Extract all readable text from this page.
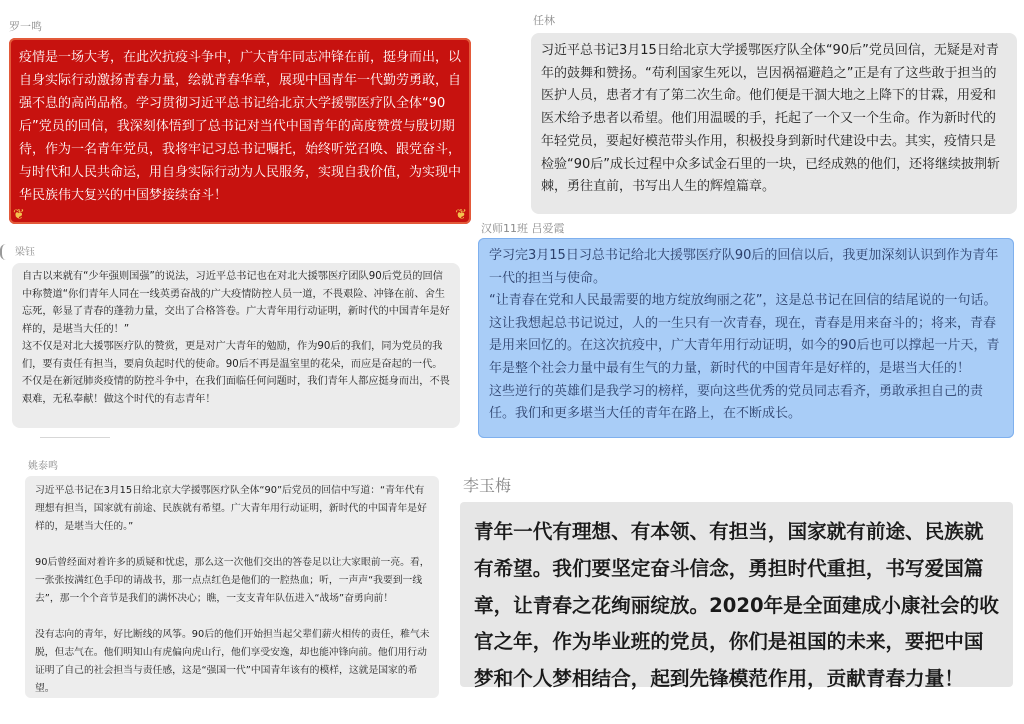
罗一鸣

疫情是一场大考，在此次抗疫斗争中，广大青年同志冲锋在前，挺身而出，以自身实际行动激扬青春力量，绘就青春华章，展现中国青年一代勤劳勇敢，自强不息的高尚品格。学习贯彻习近平总书记给北京大学援鄂医疗队全体“90后”党员的回信，我深刻体悟到了总书记对当代中国青年的高度赞赏与殷切期待，作为一名青年党员，我将牢记习总书记嘱托，始终听党召唤、跟党奋斗，与时代和人民共命运，用自身实际行动为人民服务，实现自我价值，为实现中华民族伟大复兴的中国梦接续奋斗！

❦
❦

任林

习近平总书记3月15日给北京大学援鄂医疗队全体“90后”党员回信，无疑是对青年的鼓舞和赞扬。“苟利国家生死以，岂因祸福避趋之”正是有了这些敢于担当的医护人员，患者才有了第二次生命。他们便是干涸大地之上降下的甘霖，用爱和医术给予患者以希望。他们用温暖的手，托起了一个又一个生命。作为新时代的年轻党员，要起好模范带头作用，积极投身到新时代建设中去。其实，疫情只是检验“90后”成长过程中众多试金石里的一块，已经成熟的他们，还将继续披荆斩棘，勇往直前，书写出人生的辉煌篇章。

梁钰

自古以来就有“少年强则国强”的说法，习近平总书记也在对北大援鄂医疗团队90后党员的回信中称赞道“你们青年人同在一线英勇奋战的广大疫情防控人员一道，不畏艰险、冲锋在前、舍生忘死，彰显了青春的蓬勃力量，交出了合格答卷。广大青年用行动证明，新时代的中国青年是好样的，是堪当大任的！”

这不仅是对北大援鄂医疗队的赞赏，更是对广大青年的勉励，作为90后的我们，同为党员的我们，要有责任有担当，要肩负起时代的使命。90后不再是温室里的花朵，而应是奋起的一代。不仅是在新冠肺炎疫情的防控斗争中，在我们面临任何问题时，我们青年人都应挺身而出，不畏艰难，无私奉献！做这个时代的有志青年！

汉师11班 吕爱霞

学习完3月15日习总书记给北大援鄂医疗队90后的回信以后，我更加深刻认识到作为青年一代的担当与使命。

“让青春在党和人民最需要的地方绽放绚丽之花”，这是总书记在回信的结尾说的一句话。这让我想起总书记说过，人的一生只有一次青春，现在，青春是用来奋斗的；将来，青春是用来回忆的。在这次抗疫中，广大青年用行动证明，如今的90后也可以撑起一片天，青年是整个社会力量中最有生气的力量，新时代的中国青年是好样的，是堪当大任的！

这些逆行的英雄们是我学习的榜样，要向这些优秀的党员同志看齐，勇敢承担自己的责任。我们和更多堪当大任的青年在路上，在不断成长。

姚泰鸣

习近平总书记在3月15日给北京大学援鄂医疗队全体“90”后党员的回信中写道：“青年代有理想有担当，国家就有前途、民族就有希望。广大青年用行动证明，新时代的中国青年是好样的，是堪当大任的。”

90后曾经面对着许多的质疑和忧虑，那么这一次他们交出的答卷足以让大家眼前一亮。看，一张张按满红色手印的请战书，那一点点红色是他们的一腔热血；听，一声声“我要到一线去”，那一个个音节是我们的满怀决心；瞧，一支支青年队伍进入“战场”奋勇向前！

没有志向的青年，好比断线的风筝。90后的他们开始担当起父辈们薪火相传的责任，稚气未脱，但志气在。他们明知山有虎偏向虎山行，他们享受安逸，却也能冲锋向前。他们用行动证明了自己的社会担当与责任感，这是“强国一代”中国青年该有的模样，这就是国家的希望。

李玉梅

青年一代有理想、有本领、有担当，国家就有前途、民族就有希望。我们要坚定奋斗信念，勇担时代重担，书写爱国篇章，让青春之花绚丽绽放。2020年是全面建成小康社会的收官之年，作为毕业班的党员，你们是祖国的未来，要把中国梦和个人梦相结合，起到先锋模范作用，贡献青春力量！
